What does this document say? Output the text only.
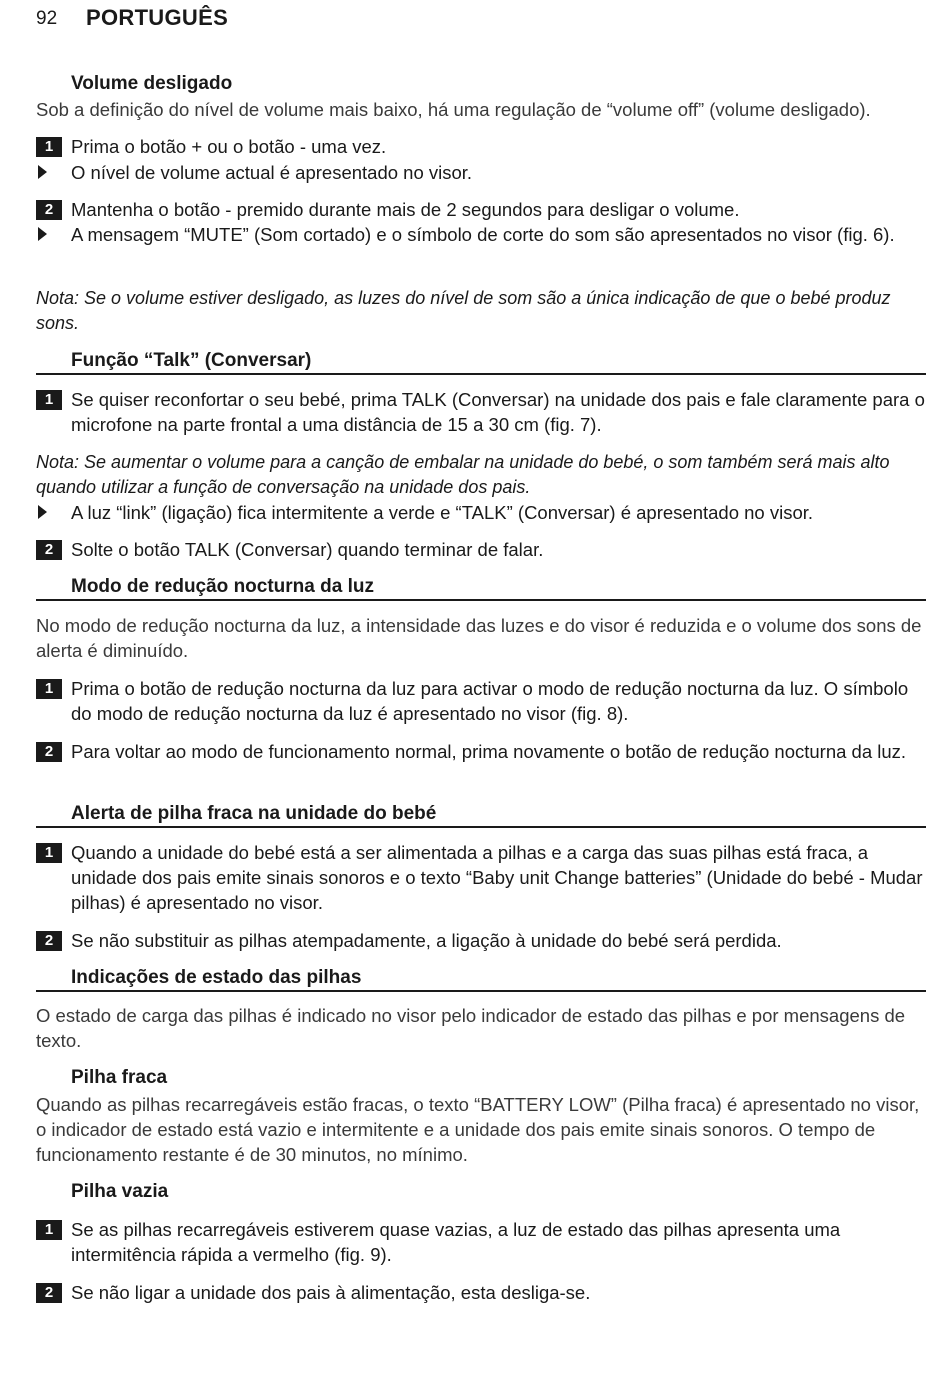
92 PORTUGUÊS
Volume desligado
Sob a definição do nível de volume mais baixo, há uma regulação de “volume off” (volume desligado).
1 Prima o botão + ou o botão - uma vez.
O nível de volume actual é apresentado no visor.
2 Mantenha o botão - premido durante mais de 2 segundos para desligar o volume.
A mensagem “MUTE” (Som cortado) e o símbolo de corte do som são apresentados no visor (fig. 6).
Nota: Se o volume estiver desligado, as luzes do nível de som são a única indicação de que o bebé produz sons.
Função “Talk” (Conversar)
1 Se quiser reconfortar o seu bebé, prima TALK (Conversar) na unidade dos pais e fale claramente para o microfone na parte frontal a uma distância de 15 a 30 cm (fig. 7).
Nota: Se aumentar o volume para a canção de embalar na unidade do bebé, o som também será mais alto quando utilizar a função de conversação na unidade dos pais.
A luz “link” (ligação) fica intermitente a verde e “TALK” (Conversar) é apresentado no visor.
2 Solte o botão TALK (Conversar) quando terminar de falar.
Modo de redução nocturna da luz
No modo de redução nocturna da luz, a intensidade das luzes e do visor é reduzida e o volume dos sons de alerta é diminuído.
1 Prima o botão de redução nocturna da luz para activar o modo de redução nocturna da luz. O símbolo do modo de redução nocturna da luz é apresentado no visor (fig. 8).
2 Para voltar ao modo de funcionamento normal, prima novamente o botão de redução nocturna da luz.
Alerta de pilha fraca na unidade do bebé
1 Quando a unidade do bebé está a ser alimentada a pilhas e a carga das suas pilhas está fraca, a unidade dos pais emite sinais sonoros e o texto “Baby unit Change batteries” (Unidade do bebé - Mudar pilhas) é apresentado no visor.
2 Se não substituir as pilhas atempadamente, a ligação à unidade do bebé será perdida.
Indicações de estado das pilhas
O estado de carga das pilhas é indicado no visor pelo indicador de estado das pilhas e por mensagens de texto.
Pilha fraca
Quando as pilhas recarregáveis estão fracas, o texto “BATTERY LOW” (Pilha fraca) é apresentado no visor, o indicador de estado está vazio e intermitente e a unidade dos pais emite sinais sonoros. O tempo de funcionamento restante é de 30 minutos, no mínimo.
Pilha vazia
1 Se as pilhas recarregáveis estiverem quase vazias, a luz de estado das pilhas apresenta uma intermitência rápida a vermelho (fig. 9).
2 Se não ligar a unidade dos pais à alimentação, esta desliga-se.
